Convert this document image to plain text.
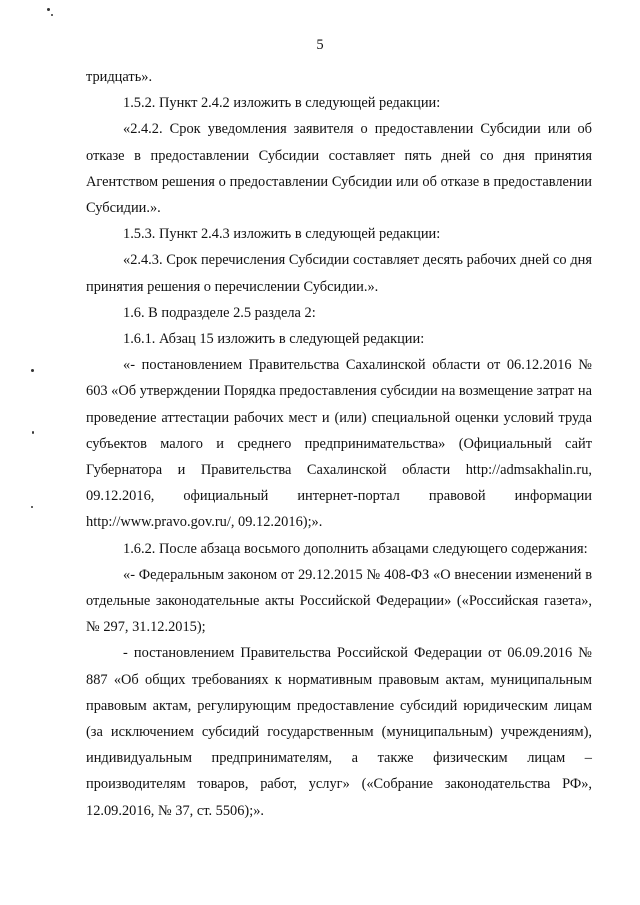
5

тридцать».

1.5.2. Пункт 2.4.2 изложить в следующей редакции:

«2.4.2. Срок уведомления заявителя о предоставлении Субсидии или об отказе в предоставлении Субсидии составляет пять дней со дня принятия Агентством решения о предоставлении Субсидии или об отказе в предоставлении Субсидии.».

1.5.3. Пункт 2.4.3 изложить в следующей редакции:

«2.4.3. Срок перечисления Субсидии составляет десять рабочих дней со дня принятия решения о перечислении Субсидии.».

1.6. В подразделе 2.5 раздела 2:

1.6.1. Абзац 15 изложить в следующей редакции:

«- постановлением Правительства Сахалинской области от 06.12.2016 № 603 «Об утверждении Порядка предоставления субсидии на возмещение затрат на проведение аттестации рабочих мест и (или) специальной оценки условий труда субъектов малого и среднего предпринимательства» (Официальный сайт Губернатора и Правительства Сахалинской области http://admsakhalin.ru, 09.12.2016, официальный интернет-портал правовой информации http://www.pravo.gov.ru/, 09.12.2016);».

1.6.2. После абзаца восьмого дополнить абзацами следующего содержания:

«- Федеральным законом от 29.12.2015 № 408-ФЗ «О внесении изменений в отдельные законодательные акты Российской Федерации» («Российская газета», № 297, 31.12.2015);

- постановлением Правительства Российской Федерации от 06.09.2016 № 887 «Об общих требованиях к нормативным правовым актам, муниципальным правовым актам, регулирующим предоставление субсидий юридическим лицам (за исключением субсидий государственным (муниципальным) учреждениям), индивидуальным предпринимателям, а также физическим лицам – производителям товаров, работ, услуг» («Собрание законодательства РФ», 12.09.2016, № 37, ст. 5506);».
